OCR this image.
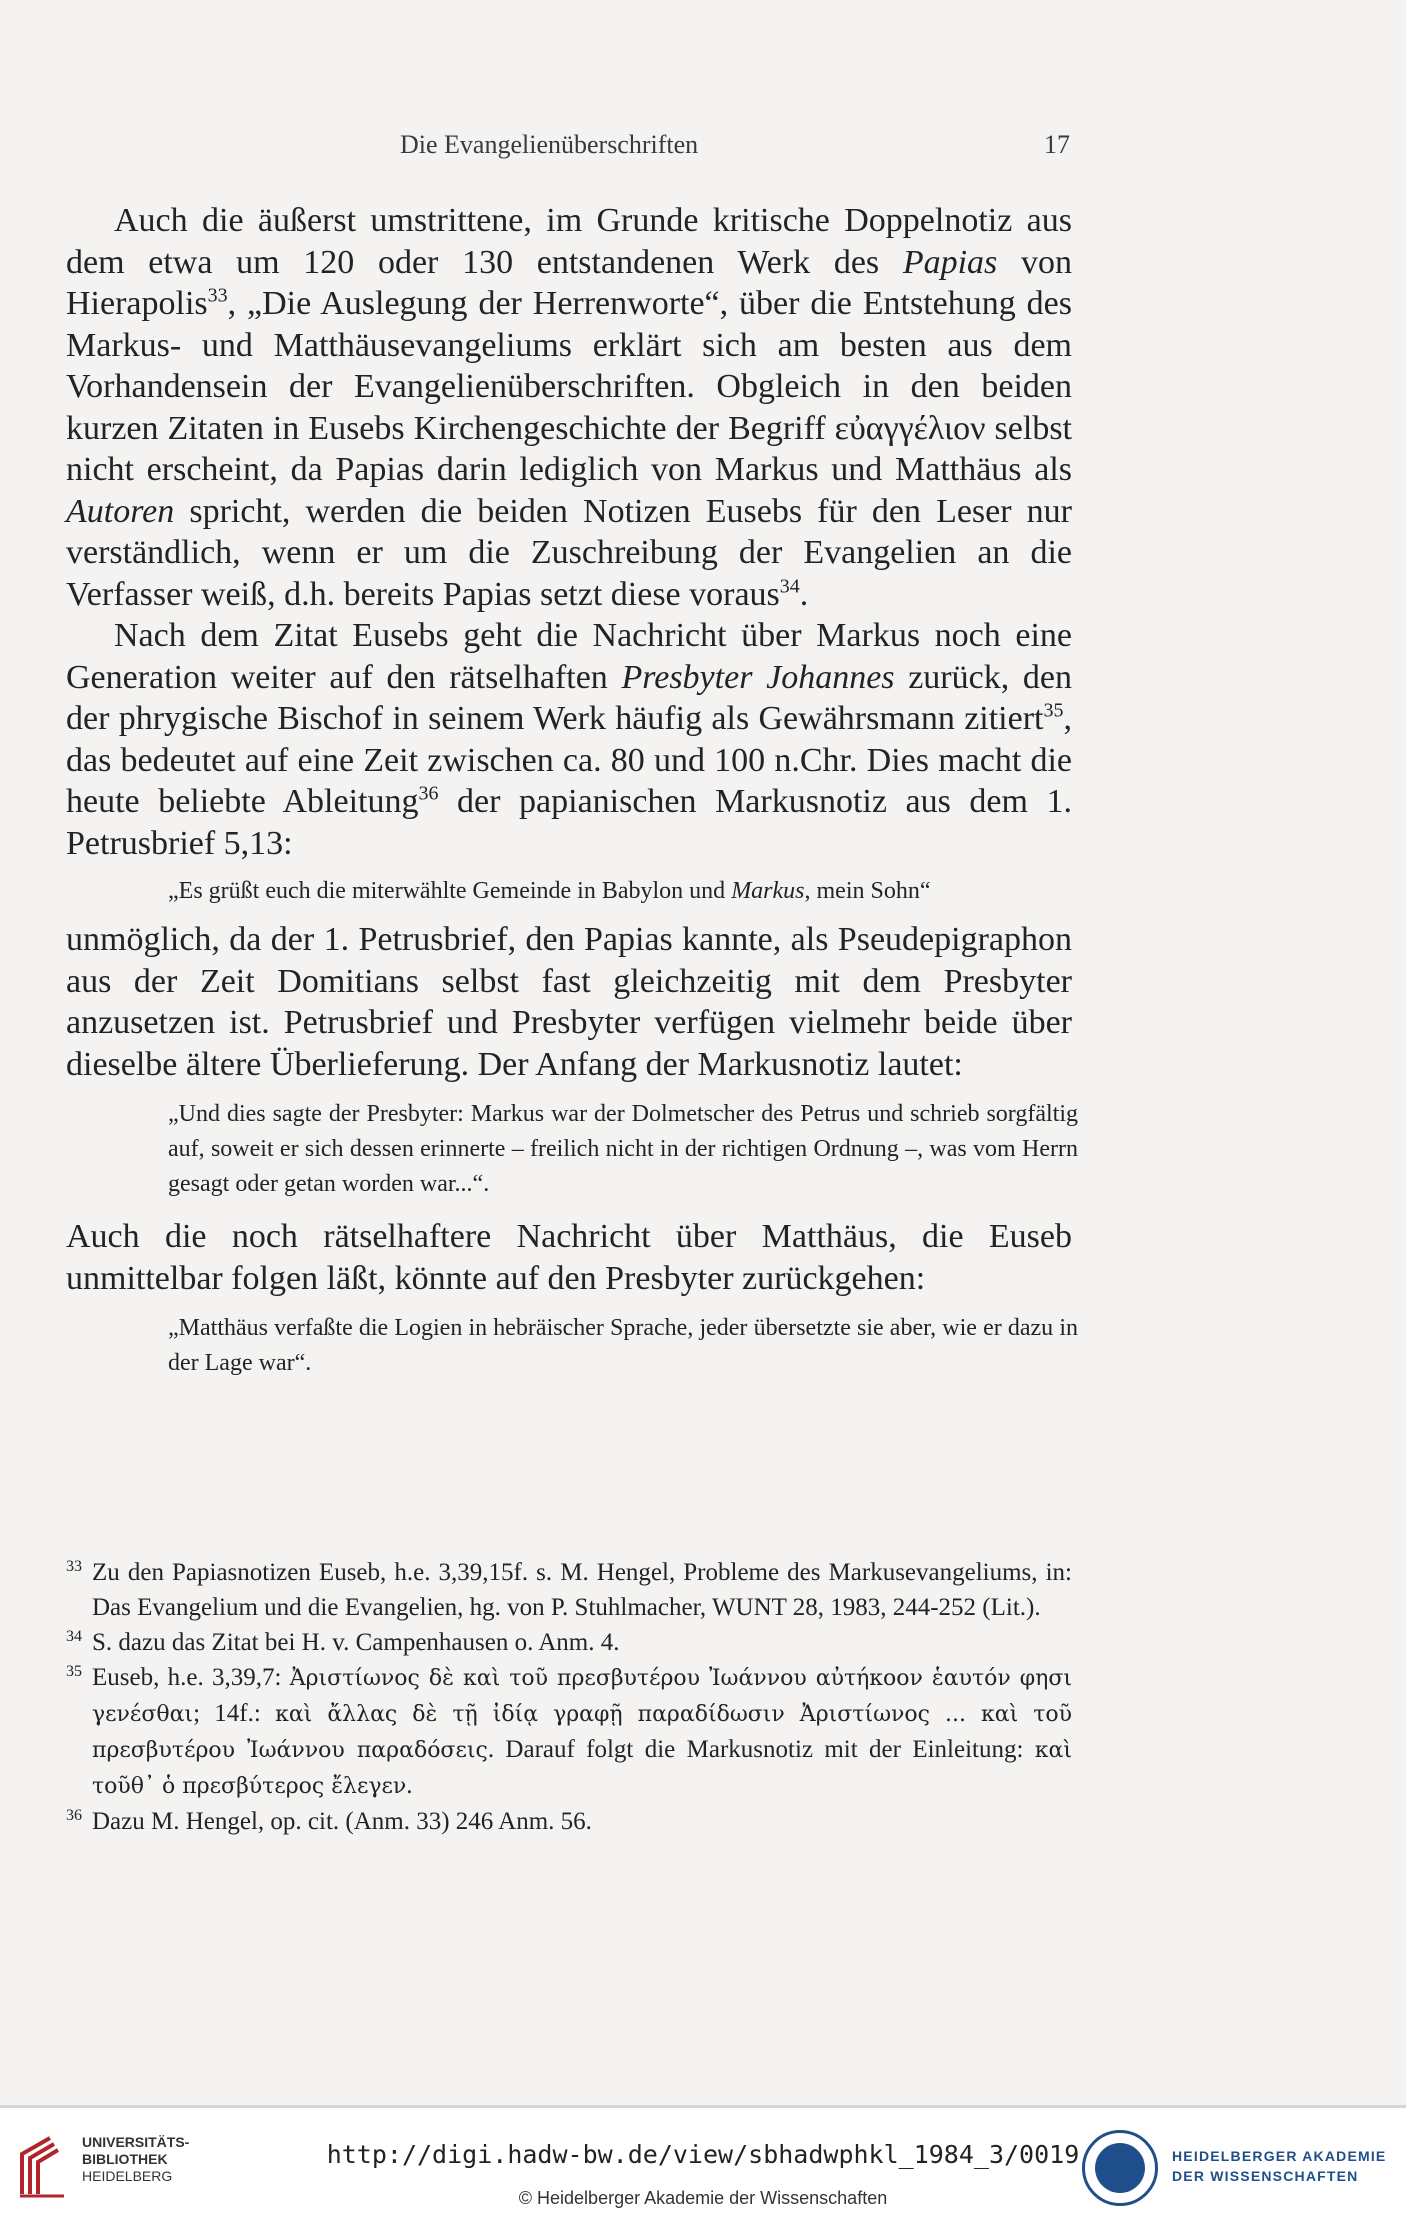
Die Evangelienüberschriften	17

Auch die äußerst umstrittene, im Grunde kritische Doppelnotiz aus dem etwa um 120 oder 130 entstandenen Werk des Papias von Hierapolis$^{33}$, „Die Auslegung der Herrenworte“, über die Entstehung des Markus- und Matthäusevangeliums erklärt sich am besten aus dem Vorhandensein der Evangelienüberschriften. Obgleich in den beiden kurzen Zitaten in Eusebs Kirchengeschichte der Begriff εὐαγγέλιον selbst nicht erscheint, da Papias darin lediglich von Markus und Matthäus als Autoren spricht, werden die beiden Notizen Eusebs für den Leser nur verständlich, wenn er um die Zuschreibung der Evangelien an die Verfasser weiß, d.h. bereits Papias setzt diese voraus$^{34}$.

Nach dem Zitat Eusebs geht die Nachricht über Markus noch eine Generation weiter auf den rätselhaften Presbyter Johannes zurück, den der phrygische Bischof in seinem Werk häufig als Gewährsmann zitiert$^{35}$, das bedeutet auf eine Zeit zwischen ca. 80 und 100 n.Chr. Dies macht die heute beliebte Ableitung$^{36}$ der papianischen Markusnotiz aus dem 1. Petrusbrief 5,13:

„Es grüßt euch die miterwählte Gemeinde in Babylon und Markus, mein Sohn“

unmöglich, da der 1. Petrusbrief, den Papias kannte, als Pseudepigraphon aus der Zeit Domitians selbst fast gleichzeitig mit dem Presbyter anzusetzen ist. Petrusbrief und Presbyter verfügen vielmehr beide über dieselbe ältere Überlieferung. Der Anfang der Markusnotiz lautet:

„Und dies sagte der Presbyter: Markus war der Dolmetscher des Petrus und schrieb sorgfältig auf, soweit er sich dessen erinnerte – freilich nicht in der richtigen Ordnung –, was vom Herrn gesagt oder getan worden war...“.

Auch die noch rätselhaftere Nachricht über Matthäus, die Euseb unmittelbar folgen läßt, könnte auf den Presbyter zurückgehen:

„Matthäus verfaßte die Logien in hebräischer Sprache, jeder übersetzte sie aber, wie er dazu in der Lage war“.

33 Zu den Papiasnotizen Euseb, h.e. 3,39,15f. s. M. Hengel, Probleme des Markusevangeliums, in: Das Evangelium und die Evangelien, hg. von P. Stuhlmacher, WUNT 28, 1983, 244-252 (Lit.).

34 S. dazu das Zitat bei H. v. Campenhausen o. Anm. 4.

35 Euseb, h.e. 3,39,7: Ἀριστίωνος δὲ καὶ τοῦ πρεσβυτέρου Ἰωάννου αὐτήκοον ἑαυτόν φησι γενέσθαι; 14f.: καὶ ἄλλας δὲ τῇ ἰδίᾳ γραφῇ παραδίδωσιν Ἀριστίωνος ... καὶ τοῦ πρεσβυτέρου Ἰωάννου παραδόσεις. Darauf folgt die Markusnotiz mit der Einleitung: καὶ τοῦθ᾽ ὁ πρεσβύτερος ἔλεγεν.

36 Dazu M. Hengel, op. cit. (Anm. 33) 246 Anm. 56.

UNIVERSITÄTS-
BIBLIOTHEK
HEIDELBERG
http://digi.hadw-bw.de/view/sbhadwphkl_1984_3/0019
© Heidelberger Akademie der Wissenschaften
HEIDELBERGER AKADEMIE
DER WISSENSCHAFTEN
